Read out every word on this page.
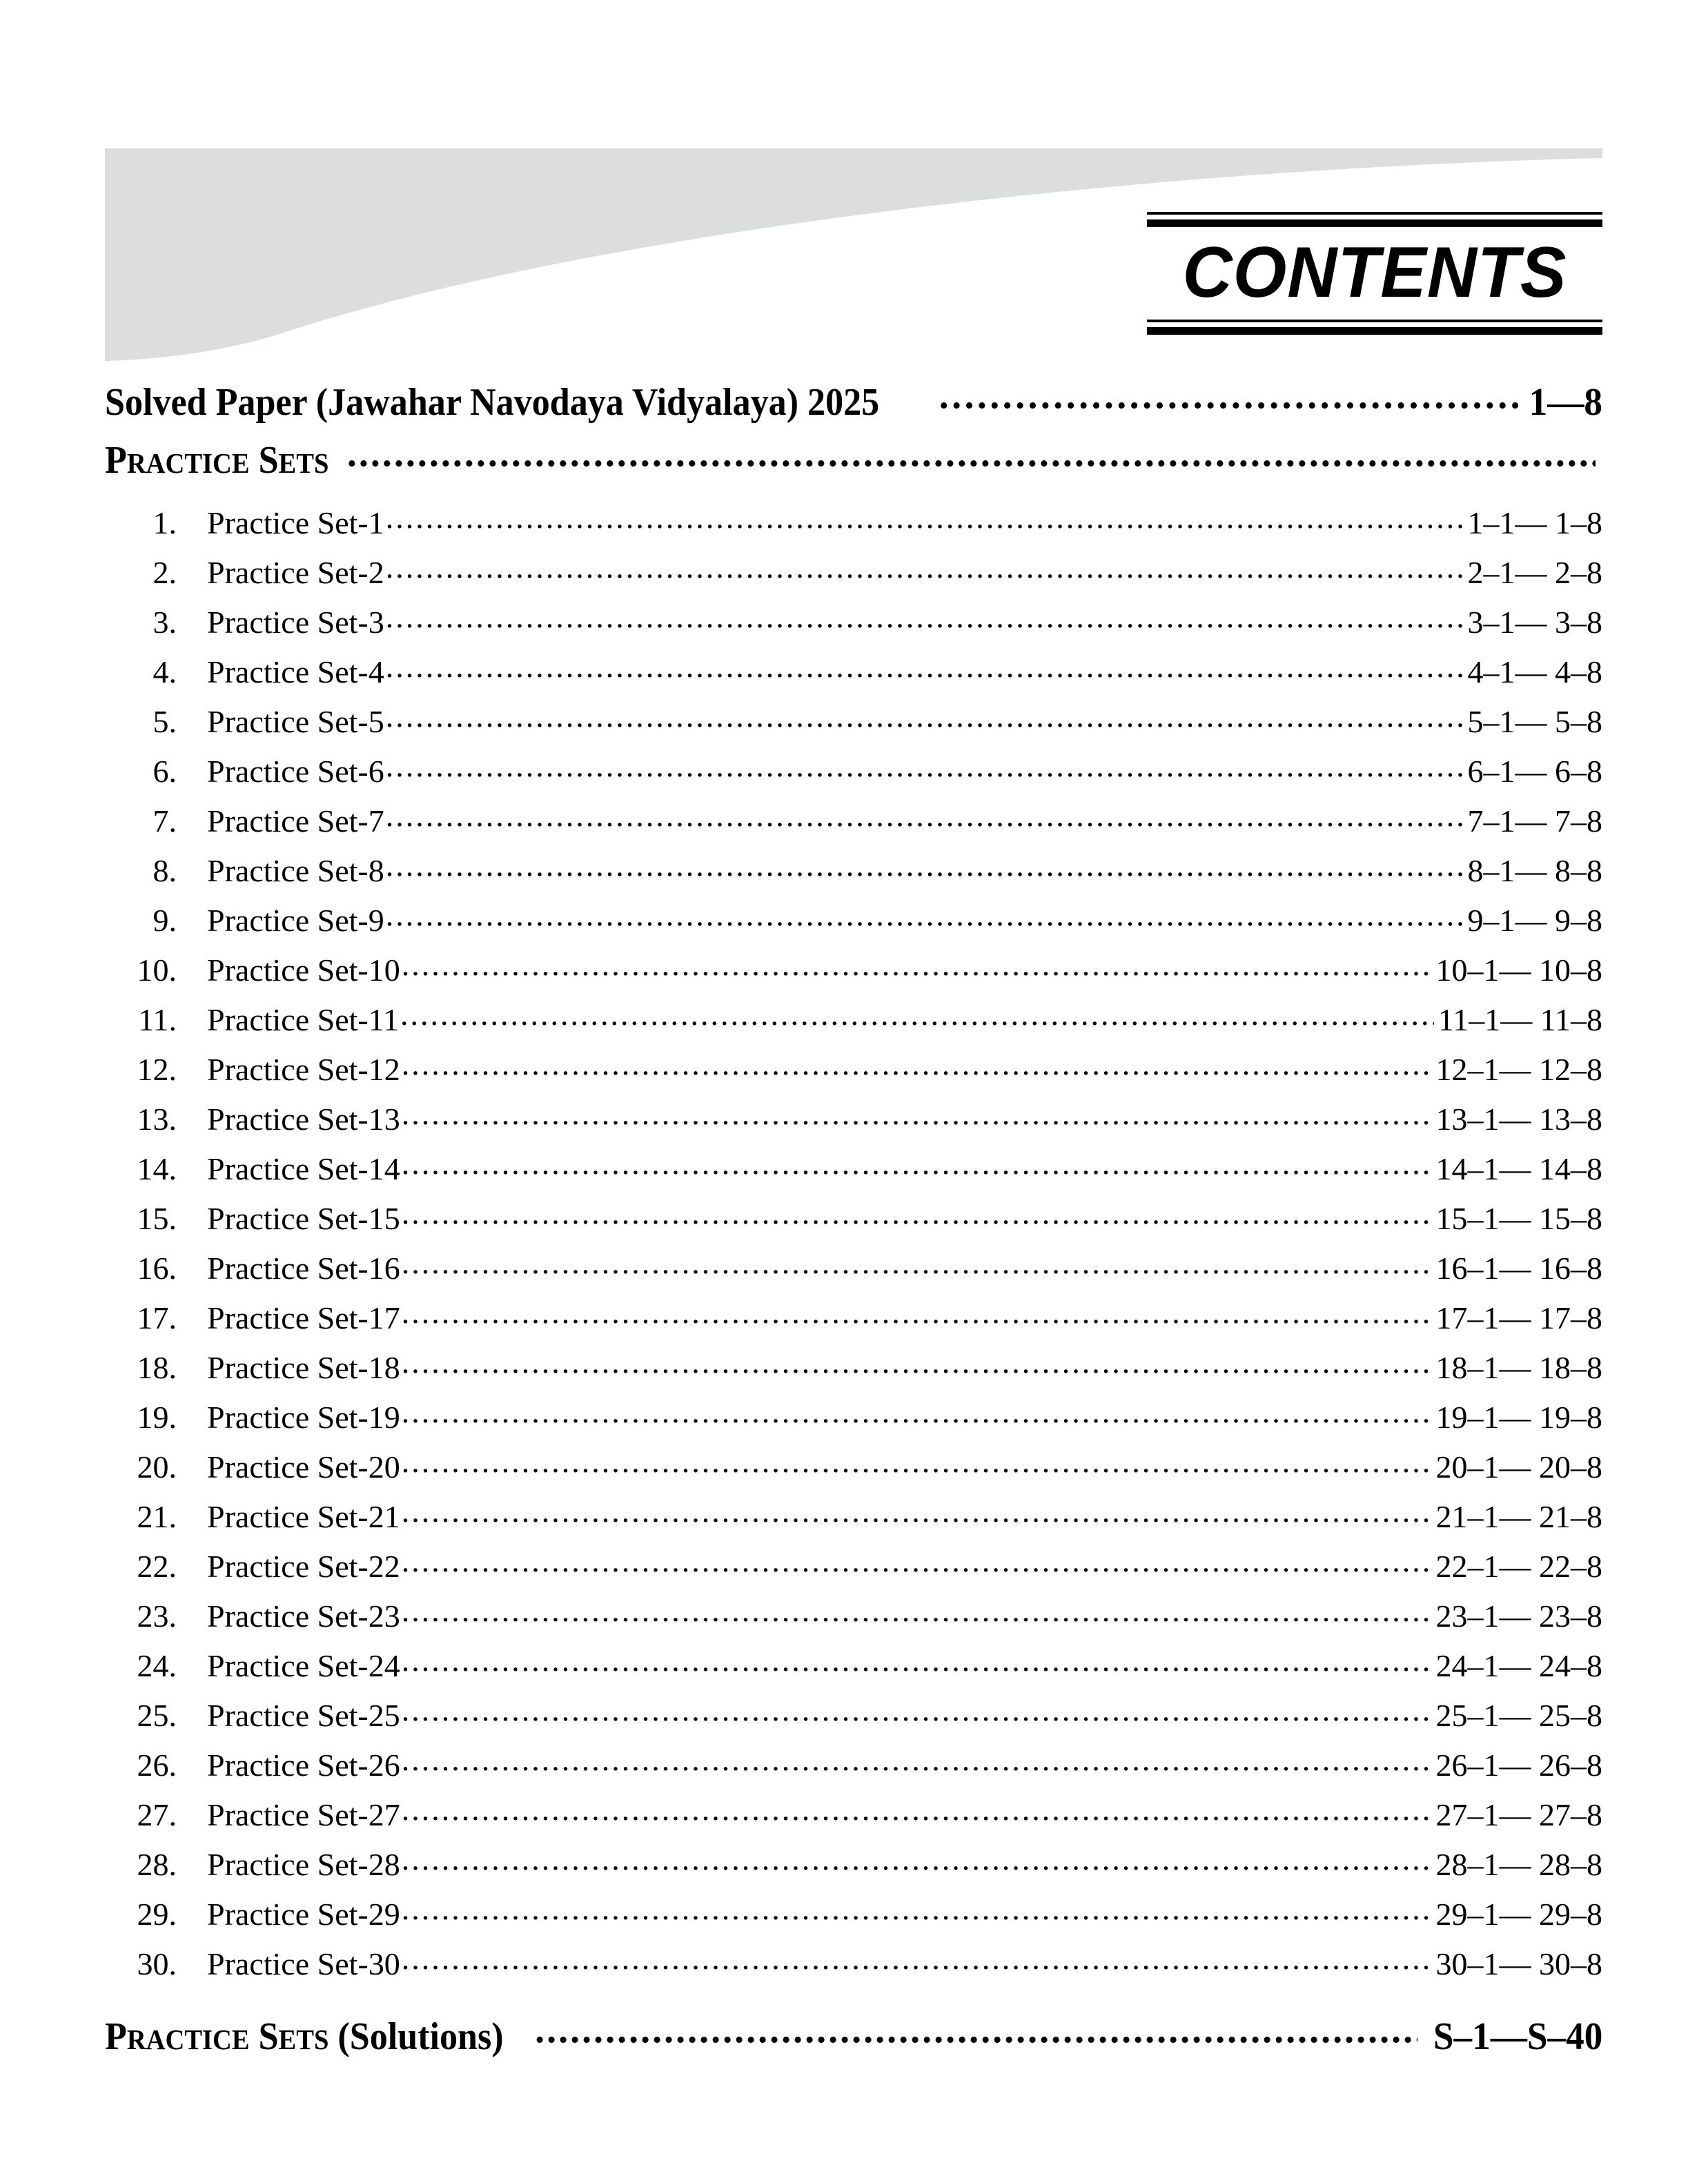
CONTENTS
Solved Paper (Jawahar Navodaya Vidyalaya) 2025 .....	1—8
PRACTICE SETS
.....
1. Practice Set-1 .....	1–1— 1–8
2. Practice Set-2 .....	2–1— 2–8
3. Practice Set-3 .....	3–1— 3–8
4. Practice Set-4 .....	4–1— 4–8
5. Practice Set-5 .....	5–1— 5–8
6. Practice Set-6 .....	6–1— 6–8
7. Practice Set-7 .....	7–1— 7–8
8. Practice Set-8 .....	8–1— 8–8
9. Practice Set-9 .....	9–1— 9–8
10. Practice Set-10 .....	10–1— 10–8
11. Practice Set-11 .....	11–1— 11–8
12. Practice Set-12 .....	12–1— 12–8
13. Practice Set-13 .....	13–1— 13–8
14. Practice Set-14 .....	14–1— 14–8
15. Practice Set-15 .....	15–1— 15–8
16. Practice Set-16 .....	16–1— 16–8
17. Practice Set-17 .....	17–1— 17–8
18. Practice Set-18 .....	18–1— 18–8
19. Practice Set-19 .....	19–1— 19–8
20. Practice Set-20 .....	20–1— 20–8
21. Practice Set-21 .....	21–1— 21–8
22. Practice Set-22 .....	22–1— 22–8
23. Practice Set-23 .....	23–1— 23–8
24. Practice Set-24 .....	24–1— 24–8
25. Practice Set-25 .....	25–1— 25–8
26. Practice Set-26 .....	26–1— 26–8
27. Practice Set-27 .....	27–1— 27–8
28. Practice Set-28 .....	28–1— 28–8
29. Practice Set-29 .....	29–1— 29–8
30. Practice Set-30 .....	30–1— 30–8
PRACTICE SETS (Solutions) .....	S–1—S–40
